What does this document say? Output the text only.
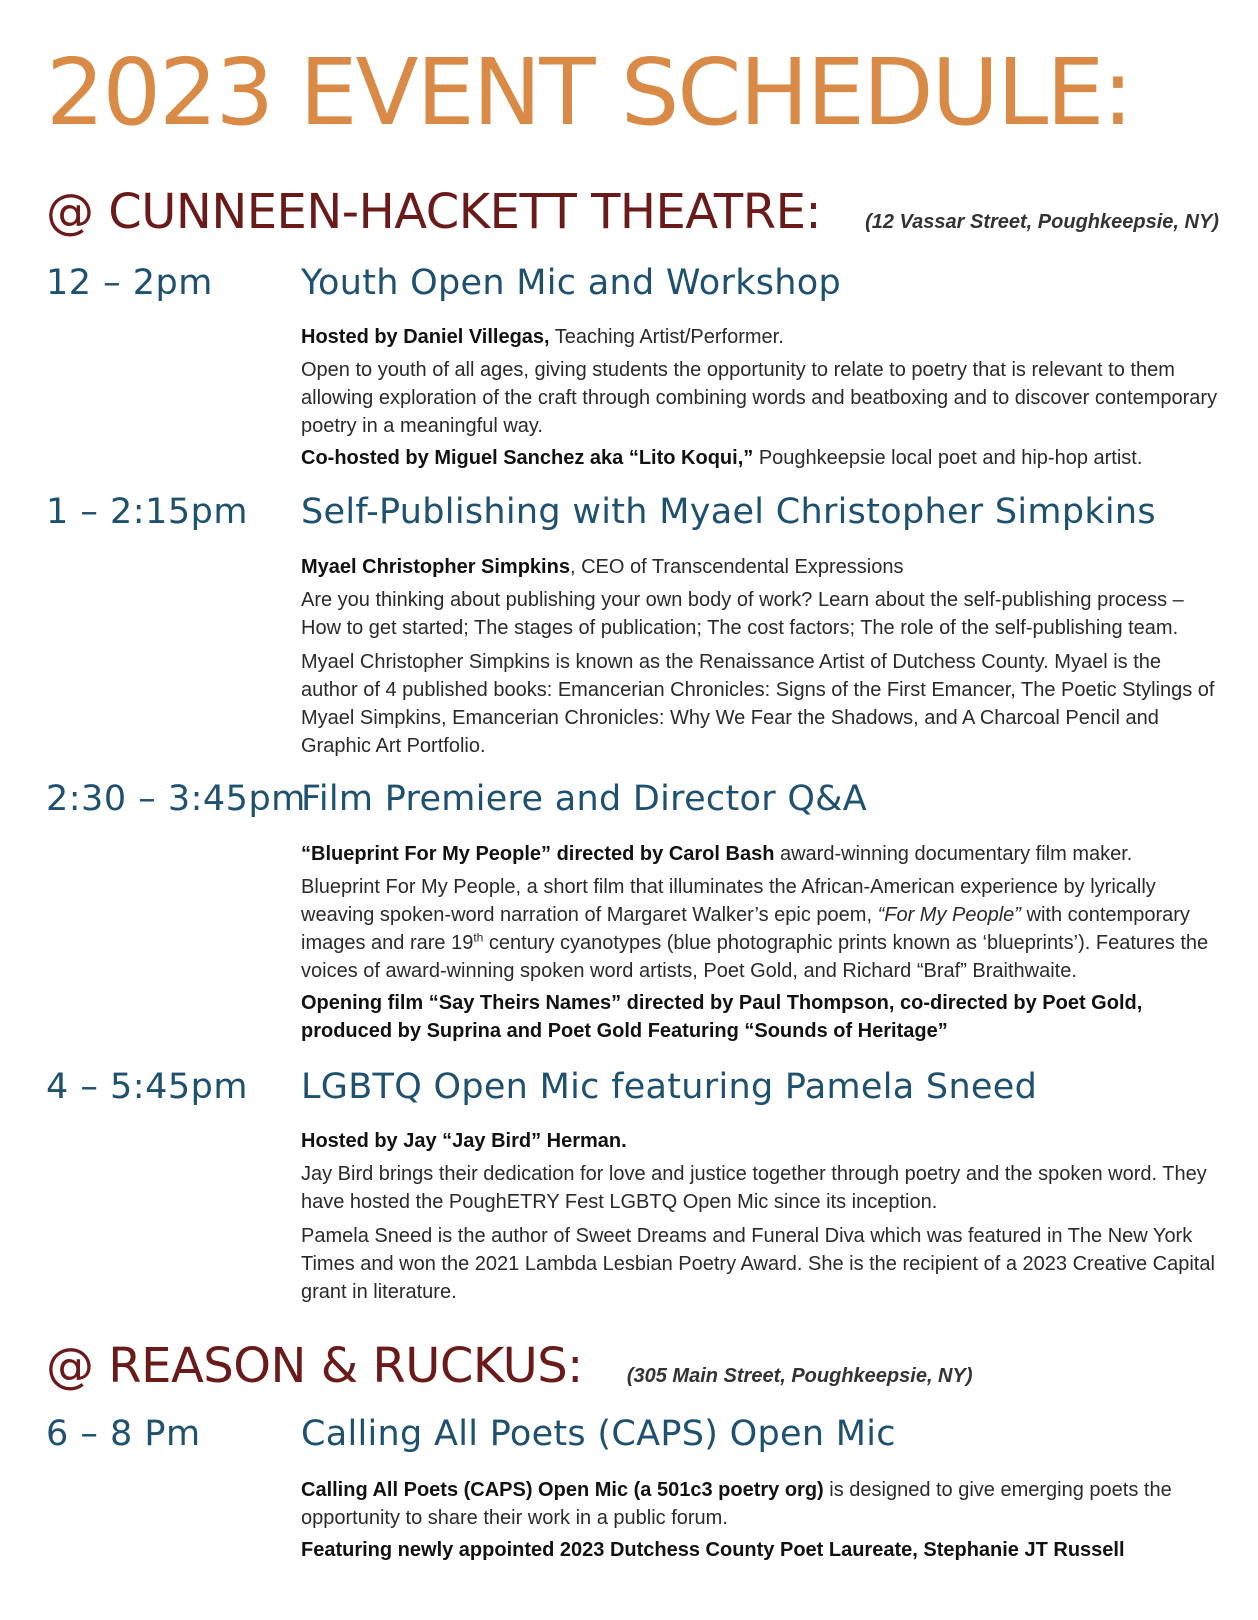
2023 EVENT SCHEDULE:
@ CUNNEEN-HACKETT THEATRE: (12 Vassar Street, Poughkeepsie, NY)
12 – 2pm	Youth Open Mic and Workshop
Hosted by Daniel Villegas, Teaching Artist/Performer.
Open to youth of all ages, giving students the opportunity to relate to poetry that is relevant to them allowing exploration of the craft through combining words and beatboxing and to discover contemporary poetry in a meaningful way.
Co-hosted by Miguel Sanchez aka “Lito Koqui,” Poughkeepsie local poet and hip-hop artist.
1 – 2:15pm Self-Publishing with Myael Christopher Simpkins
Myael Christopher Simpkins, CEO of Transcendental Expressions
Are you thinking about publishing your own body of work? Learn about the self-publishing process – How to get started; The stages of publication; The cost factors; The role of the self-publishing team.
Myael Christopher Simpkins is known as the Renaissance Artist of Dutchess County. Myael is the author of 4 published books: Emancerian Chronicles: Signs of the First Emancer, The Poetic Stylings of Myael Simpkins, Emancerian Chronicles: Why We Fear the Shadows, and A Charcoal Pencil and Graphic Art Portfolio.
2:30 – 3:45pm
Film Premiere and Director Q&A
“Blueprint For My People” directed by Carol Bash award-winning documentary film maker.
Blueprint For My People, a short film that illuminates the African-American experience by lyrically weaving spoken-word narration of Margaret Walker’s epic poem, “For My People” with contemporary images and rare 19th century cyanotypes (blue photographic prints known as ‘blueprints’). Features the voices of award-winning spoken word artists, Poet Gold, and Richard “Braf” Braithwaite.
Opening film “Say Theirs Names” directed by Paul Thompson, co-directed by Poet Gold, produced by Suprina and Poet Gold Featuring “Sounds of Heritage”
4 – 5:45pm LGBTQ Open Mic featuring Pamela Sneed
Hosted by Jay “Jay Bird” Herman.
Jay Bird brings their dedication for love and justice together through poetry and the spoken word. They have hosted the PoughETRY Fest LGBTQ Open Mic since its inception.
Pamela Sneed is the author of Sweet Dreams and Funeral Diva which was featured in The New York Times and won the 2021 Lambda Lesbian Poetry Award. She is the recipient of a 2023 Creative Capital grant in literature.
@ REASON & RUCKUS: (305 Main Street, Poughkeepsie, NY)
6 – 8 Pm	Calling All Poets (CAPS) Open Mic
Calling All Poets (CAPS) Open Mic (a 501c3 poetry org) is designed to give emerging poets the opportunity to share their work in a public forum.
Featuring newly appointed 2023 Dutchess County Poet Laureate, Stephanie JT Russell
